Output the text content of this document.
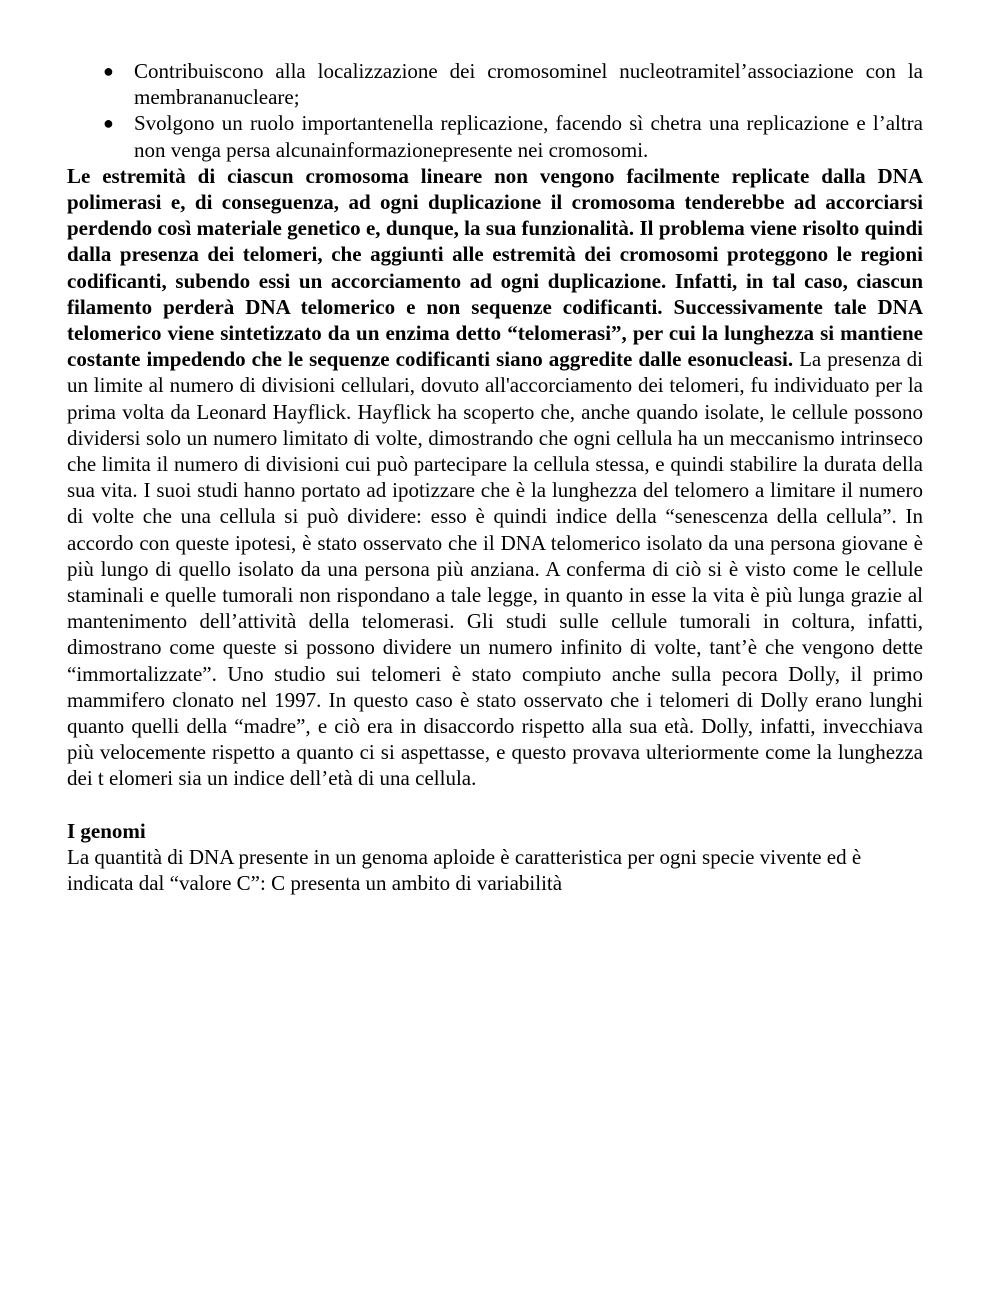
● Contribuiscono alla localizzazione dei cromosominel nucleotramitel’associazione con la membrananucleare;
● Svolgono un ruolo importantenella replicazione, facendo sì chetra una replicazione e l’altra non venga persa alcunainformazionepresente nei cromosomi.

Le estremità di ciascun cromosoma lineare non vengono facilmente replicate dalla DNA polimerasi e, di conseguenza, ad ogni duplicazione il cromosoma tenderebbe ad accorciarsi perdendo così materiale genetico e, dunque, la sua funzionalità. Il problema viene risolto quindi dalla presenza dei telomeri, che aggiunti alle estremità dei cromosomi proteggono le regioni codificanti, subendo essi un accorciamento ad ogni duplicazione. Infatti, in tal caso, ciascun filamento perderà DNA telomerico e non sequenze codificanti. Successivamente tale DNA telomerico viene sintetizzato da un enzima detto “telomerasi”, per cui la lunghezza si mantiene costante impedendo che le sequenze codificanti siano aggredite dalle esonucleasi. La presenza di un limite al numero di divisioni cellulari, dovuto all'accorciamento dei telomeri, fu individuato per la prima volta da Leonard Hayflick. Hayflick ha scoperto che, anche quando isolate, le cellule possono dividersi solo un numero limitato di volte, dimostrando che ogni cellula ha un meccanismo intrinseco che limita il numero di divisioni cui può partecipare la cellula stessa, e quindi stabilire la durata della sua vita. I suoi studi hanno portato ad ipotizzare che è la lunghezza del telomero a limitare il numero di volte che una cellula si può dividere: esso è quindi indice della “senescenza della cellula”. In accordo con queste ipotesi, è stato osservato che il DNA telomerico isolato da una persona giovane è più lungo di quello isolato da una persona più anziana. A conferma di ciò si è visto come le cellule staminali e quelle tumorali non rispondano a tale legge, in quanto in esse la vita è più lunga grazie al mantenimento dell’attività della telomerasi. Gli studi sulle cellule tumorali in coltura, infatti, dimostrano come queste si possono dividere un numero infinito di volte, tant’è che vengono dette “immortalizzate”. Uno studio sui telomeri è stato compiuto anche sulla pecora Dolly, il primo mammifero clonato nel 1997. In questo caso è stato osservato che i telomeri di Dolly erano lunghi quanto quelli della “madre”, e ciò era in disaccordo rispetto alla sua età. Dolly, infatti, invecchiava più velocemente rispetto a quanto ci si aspettasse, e questo provava ulteriormente come la lunghezza dei t elomeri sia un indice dell’età di una cellula.

I genomi

La quantità di DNA presente in un genoma aploide è caratteristica per ogni specie vivente ed è indicata dal “valore C”: C presenta un ambito di variabilità
